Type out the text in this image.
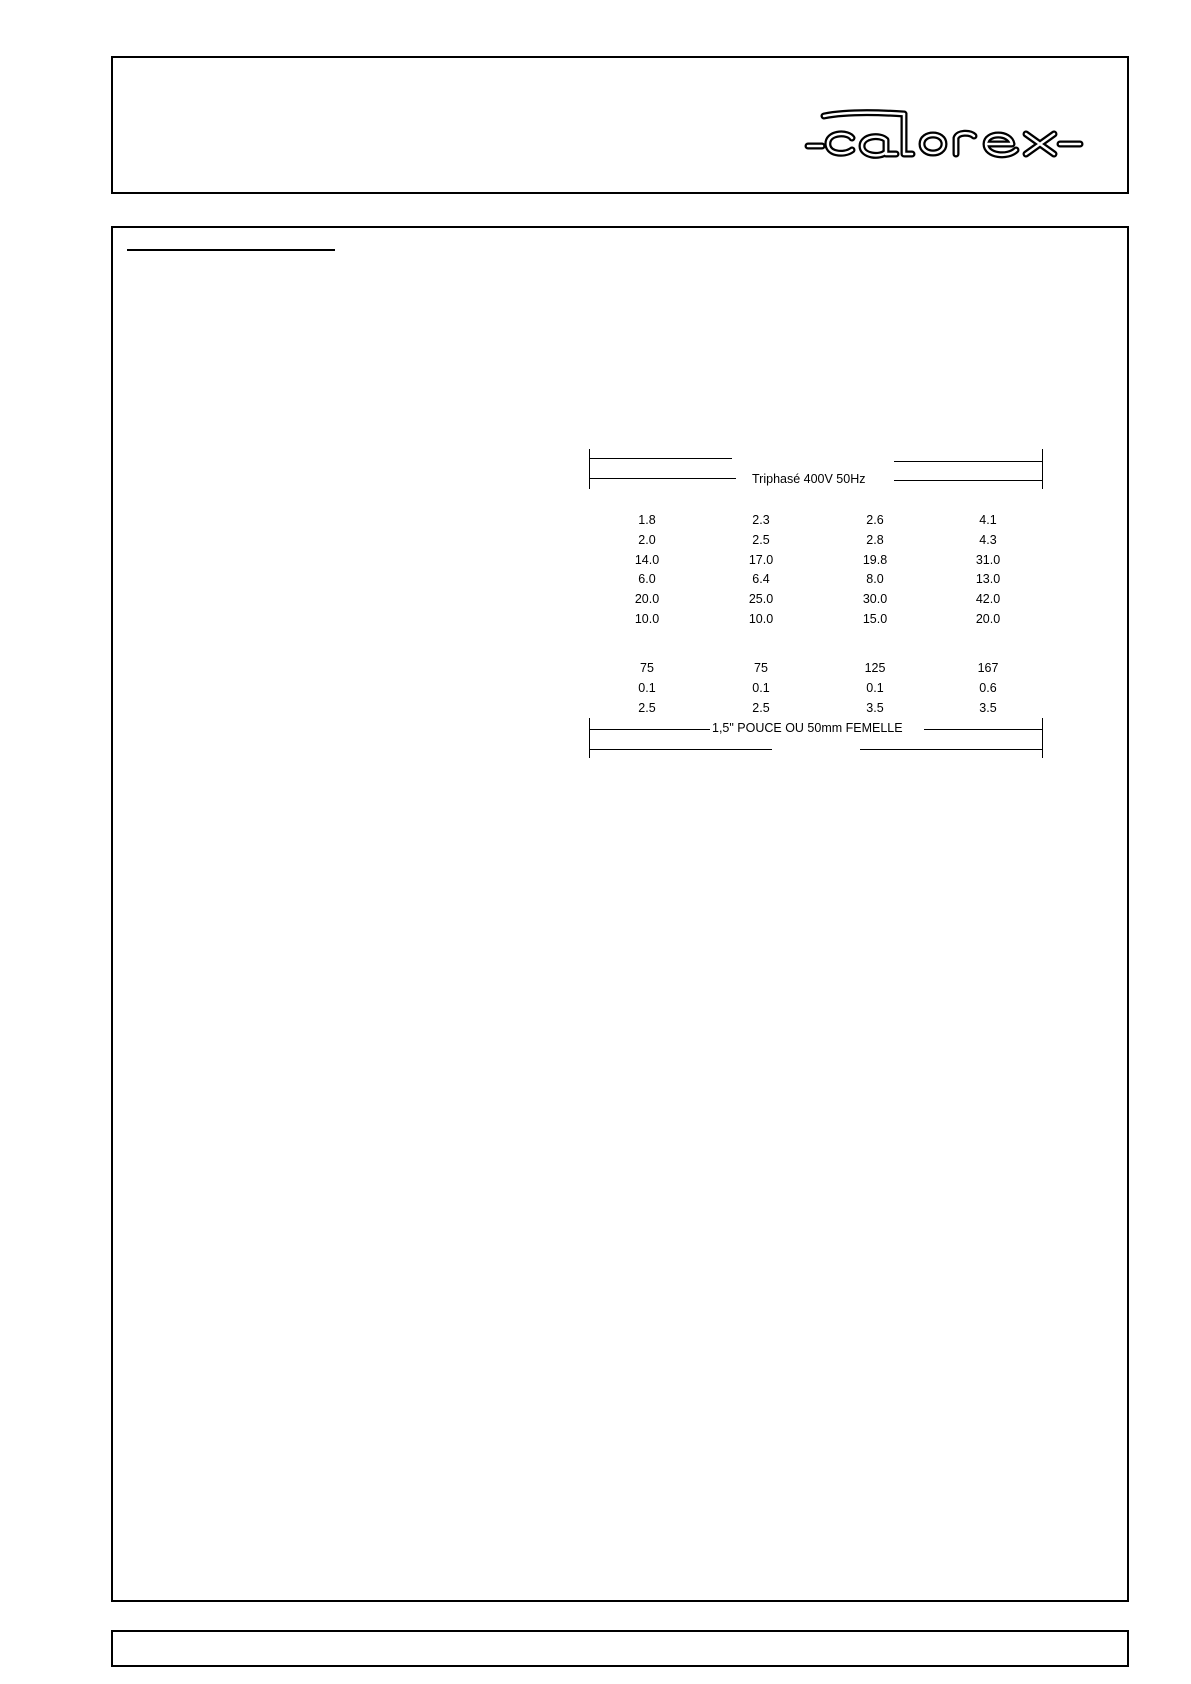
Triphasé 400V 50Hz
1.8	2.3	2.6	4.1
2.0	2.5	2.8	4.3
14.0	17.0	19.8	31.0
6.0	6.4	8.0	13.0
20.0	25.0	30.0	42.0
10.0	10.0	15.0	20.0
75	75	125	167
0.1	0.1	0.1	0.6
2.5	2.5	3.5	3.5
1,5" POUCE OU 50mm FEMELLE
